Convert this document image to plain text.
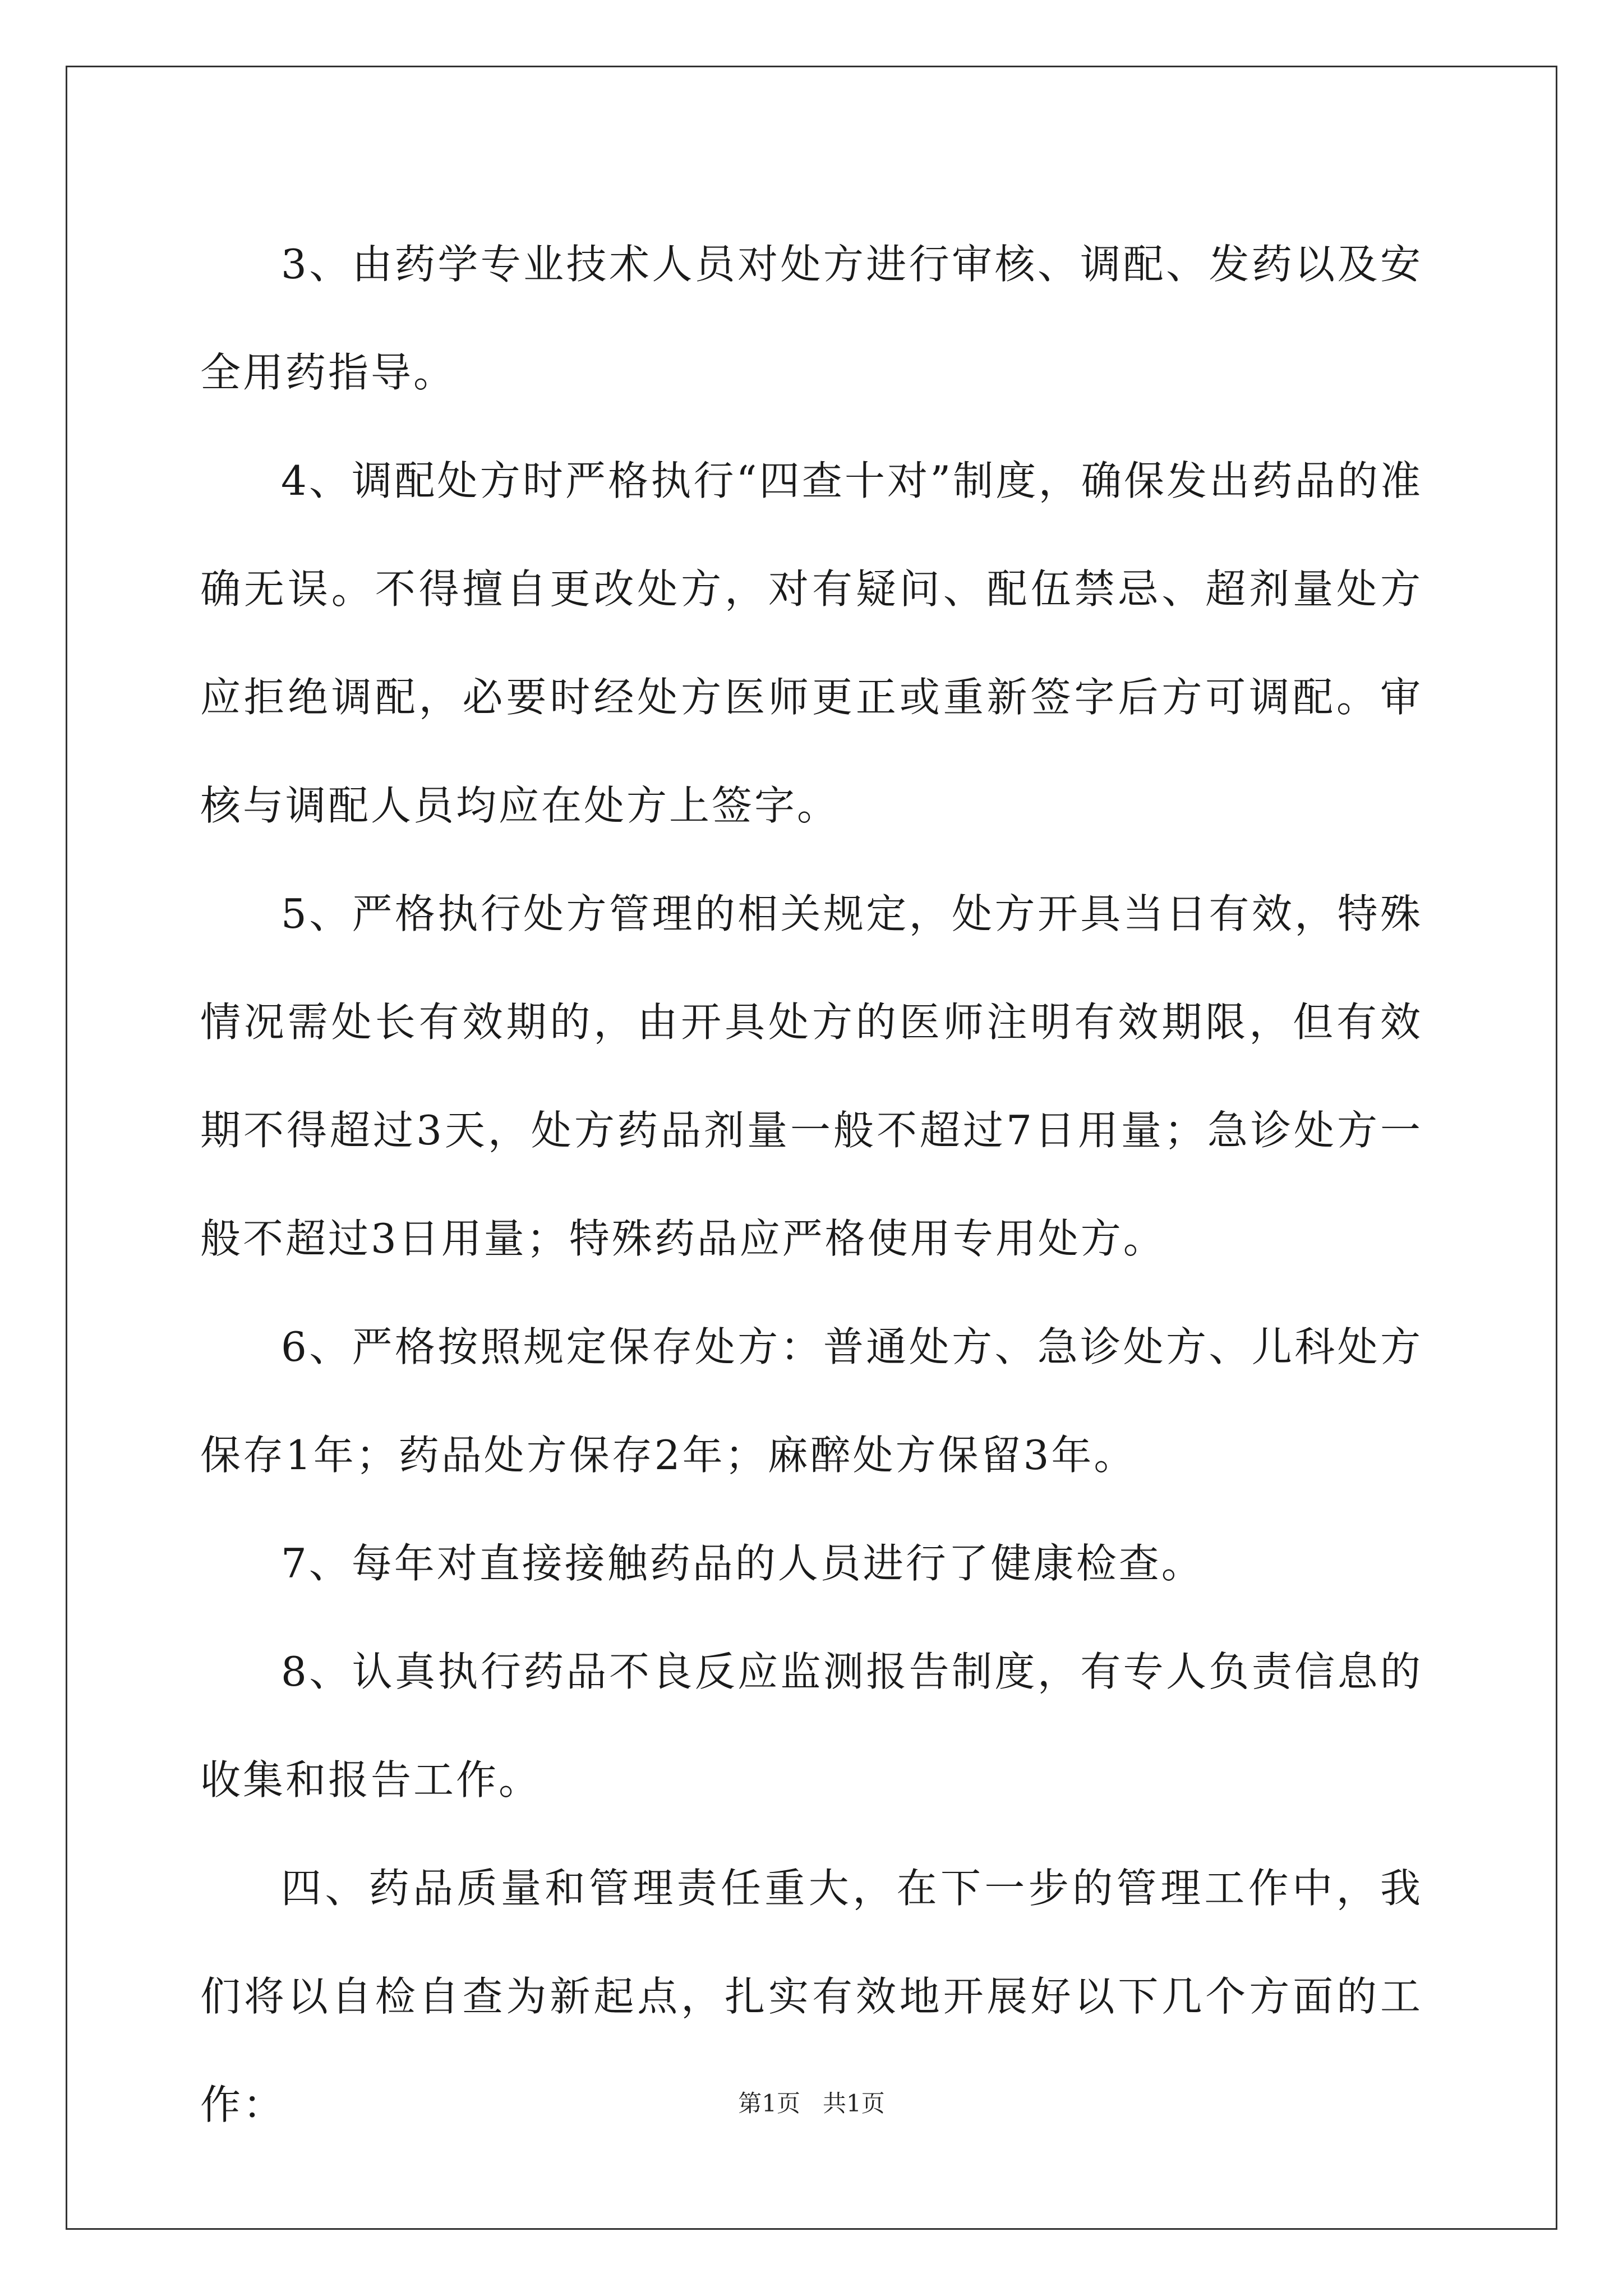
3、由药学专业技术人员对处方进行审核、调配、发药以及安全用药指导。

4、调配处方时严格执行“四查十对”制度，确保发出药品的准确无误。不得擅自更改处方，对有疑问、配伍禁忌、超剂量处方应拒绝调配，必要时经处方医师更正或重新签字后方可调配。审核与调配人员均应在处方上签字。

5、严格执行处方管理的相关规定，处方开具当日有效，特殊情况需处长有效期的，由开具处方的医师注明有效期限，但有效期不得超过3天，处方药品剂量一般不超过7日用量；急诊处方一般不超过3日用量；特殊药品应严格使用专用处方。

6、严格按照规定保存处方：普通处方、急诊处方、儿科处方保存1年；药品处方保存2年；麻醉处方保留3年。

7、每年对直接接触药品的人员进行了健康检查。

8、认真执行药品不良反应监测报告制度，有专人负责信息的收集和报告工作。

四、药品质量和管理责任重大，在下一步的管理工作中，我们将以自检自查为新起点，扎实有效地开展好以下几个方面的工作：	第1页 共1页
